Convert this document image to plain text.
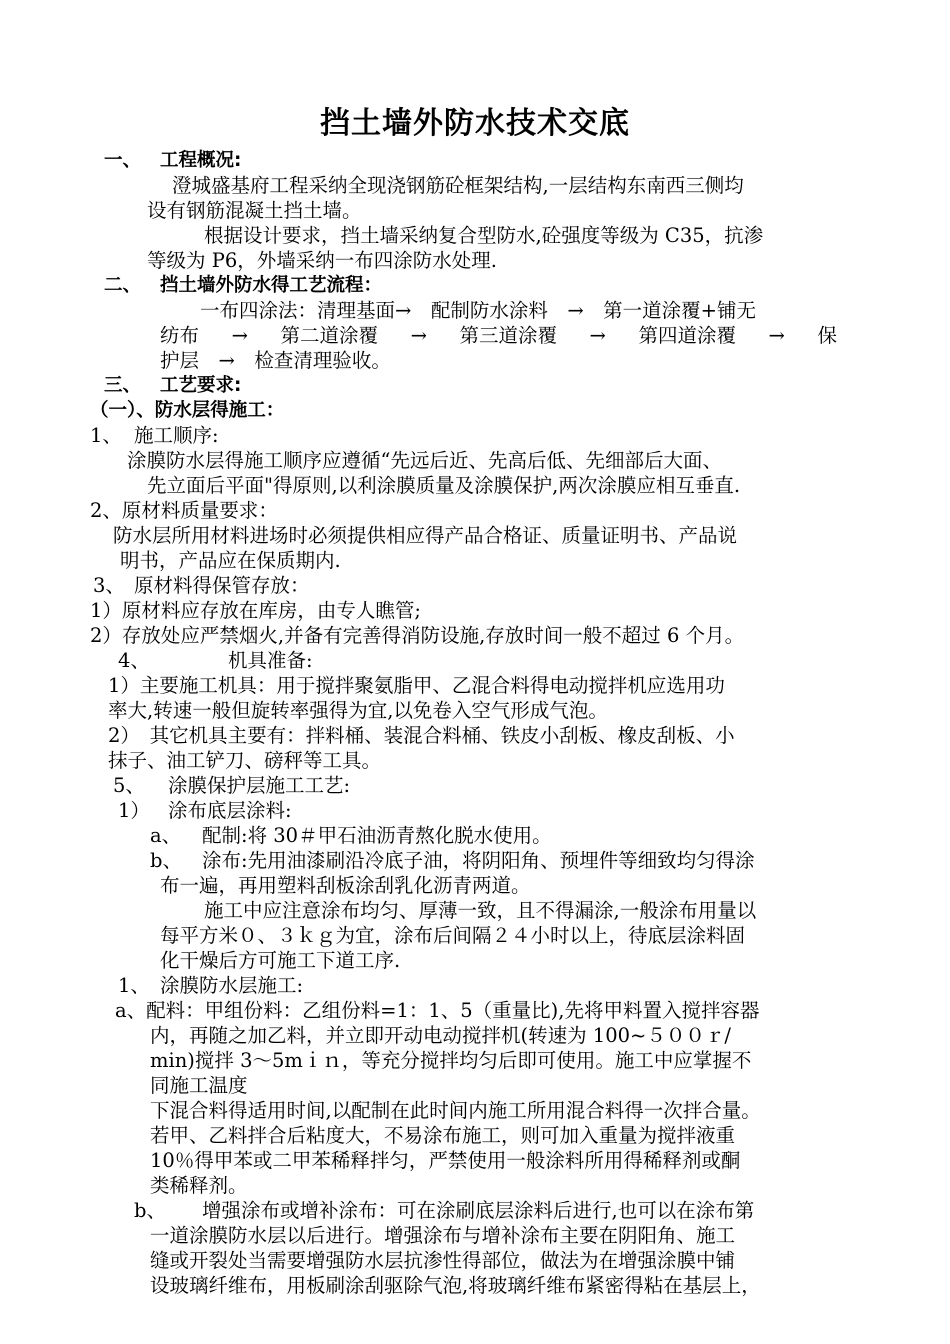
挡土墙外防水技术交底
一、 工程概况:
澄城盛基府工程采纳全现浇钢筋砼框架结构,一层结构东南西三侧均
设有钢筋混凝土挡土墙。
根据设计要求，挡土墙采纳复合型防水,砼强度等级为 C35，抗渗
等级为 P6，外墙采纳一布四涂防水处理.
二、 挡土墙外防水得工艺流程：
一布四涂法：清理基面→　配制防水涂料　→　第一道涂覆+铺无
纺布 → 第二道涂覆 → 第三道涂覆 → 第四道涂覆 → 保
护层　→　检查清理验收。
三、 工艺要求:
（一）、防水层得施工：
1、 施工顺序:
涂膜防水层得施工顺序应遵循“先远后近、先高后低、先细部后大面、
先立面后平面"得原则,以利涂膜质量及涂膜保护,两次涂膜应相互垂直.
2、原材料质量要求：
防水层所用材料进场时必须提供相应得产品合格证、质量证明书、产品说
明书，产品应在保质期内.
3、 原材料得保管存放：
1）原材料应存放在库房，由专人瞧管;
2）存放处应严禁烟火,并备有完善得消防设施,存放时间一般不超过 6 个月。
4、	机具准备:
1）主要施工机具：用于搅拌聚氨脂甲、乙混合料得电动搅拌机应选用功
率大,转速一般但旋转率强得为宜,以免卷入空气形成气泡。
2）　其它机具主要有：拌料桶、装混合料桶、铁皮小刮板、橡皮刮板、小
抹子、油工铲刀、磅秤等工具。
5、 涂膜保护层施工工艺:
1） 涂布底层涂料:
a、 配制:将 30＃甲石油沥青熬化脱水使用。
b、 涂布:先用油漆刷沿冷底子油，将阴阳角、预埋件等细致均匀得涂
布一遍，再用塑料刮板涂刮乳化沥青两道。
施工中应注意涂布均匀、厚薄一致，且不得漏涂,一般涂布用量以
每平方米０、３ｋｇ为宜，涂布后间隔２４小时以上，待底层涂料固
化干燥后方可施工下道工序.
1、 涂膜防水层施工:
a、配料：甲组份料：乙组份料=1：1、5（重量比),先将甲料置入搅拌容器
内，再随之加乙料，并立即开动电动搅拌机(转速为 100~５００ｒ/
min)搅拌 3～5mｉｎ，等充分搅拌均匀后即可使用。施工中应掌握不
同施工温度
下混合料得适用时间,以配制在此时间内施工所用混合料得一次拌合量。
若甲、乙料拌合后粘度大，不易涂布施工，则可加入重量为搅拌液重
10％得甲苯或二甲苯稀释拌匀，严禁使用一般涂料所用得稀释剂或酮
类稀释剂。
b、 增强涂布或增补涂布：可在涂刷底层涂料后进行,也可以在涂布第
一道涂膜防水层以后进行。增强涂布与增补涂布主要在阴阳角、施工
缝或开裂处当需要增强防水层抗渗性得部位，做法为在增强涂膜中铺
设玻璃纤维布，用板刷涂刮驱除气泡,将玻璃纤维布紧密得粘在基层上，
